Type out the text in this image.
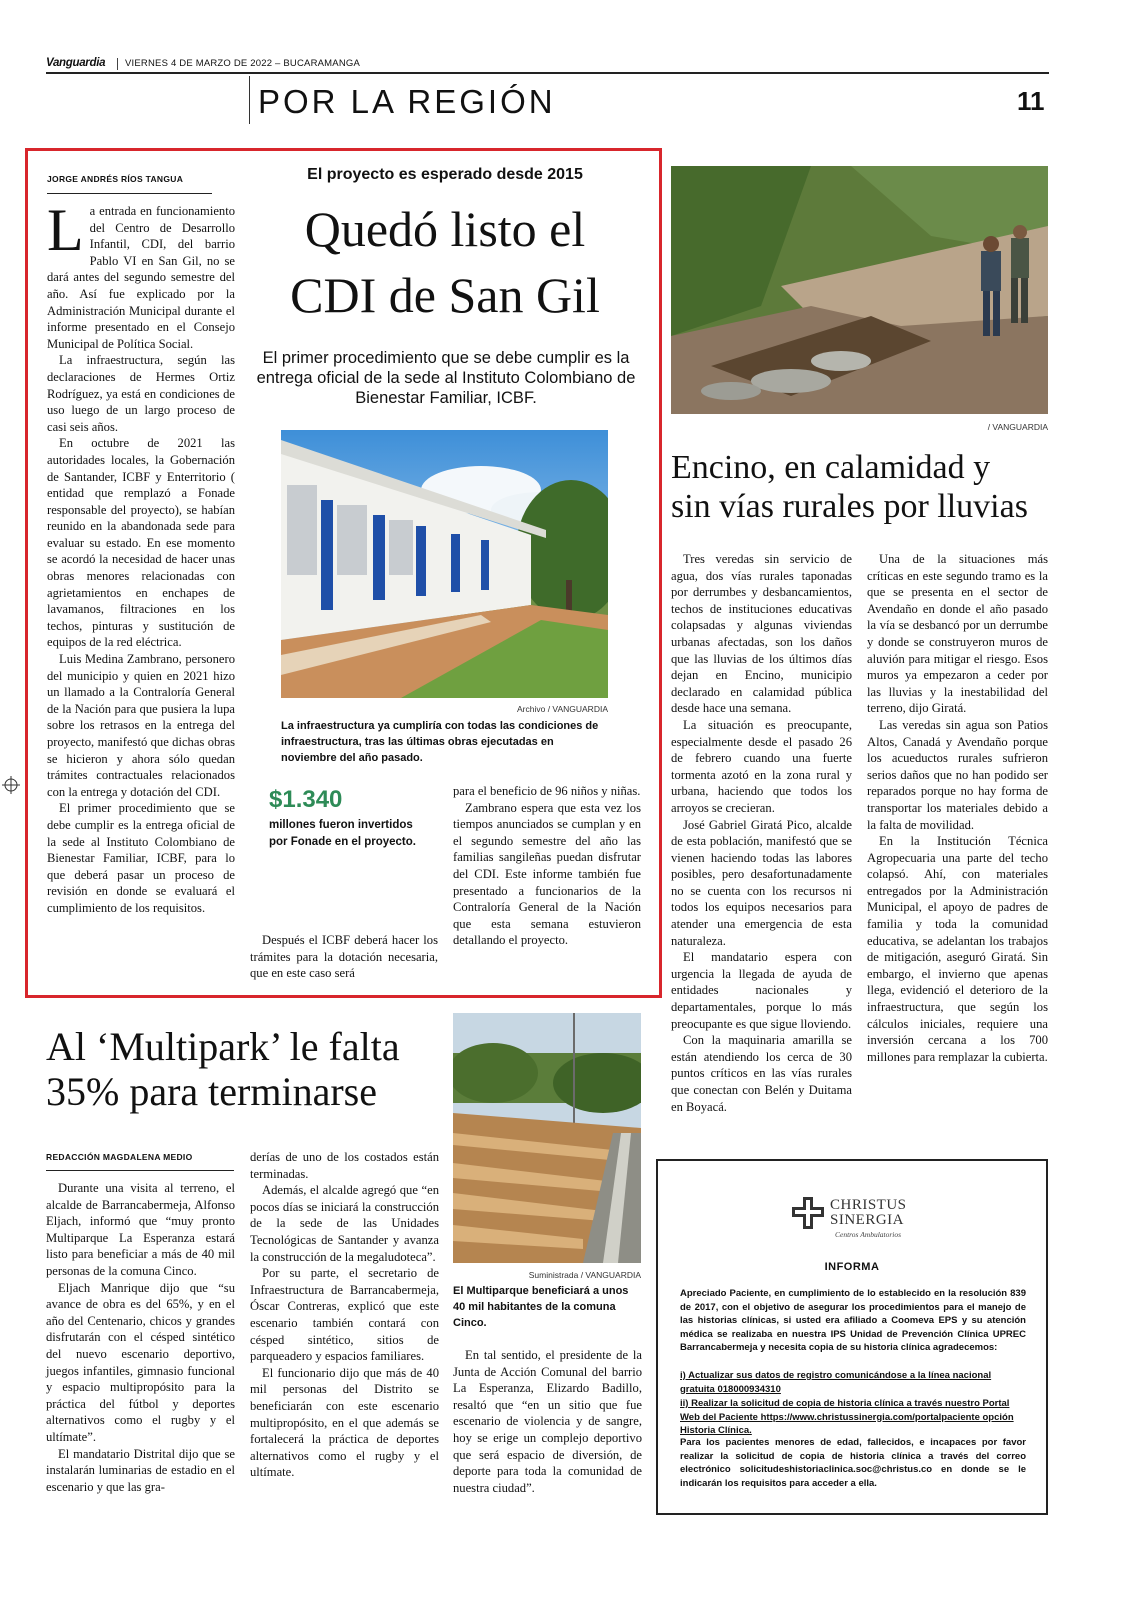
Vanguardia VIERNES 4 DE MARZO DE 2022 – BUCARAMANGA
POR LA REGIÓN	11
JORGE ANDRÉS RÍOS TANGUA

La entrada en funcionamiento del Centro de Desarrollo Infantil, CDI, del barrio Pablo VI en San Gil, no se dará antes del segundo semestre del año. Así fue explicado por la Administración Municipal durante el informe presentado en el Consejo Municipal de Política Social.

La infraestructura, según las declaraciones de Hermes Ortiz Rodríguez, ya está en condiciones de uso luego de un largo proceso de casi seis años.

En octubre de 2021 las autoridades locales, la Gobernación de Santander, ICBF y Enterritorio ( entidad que remplazó a Fonade responsable del proyecto), se habían reunido en la abandonada sede para evaluar su estado. En ese momento se acordó la necesidad de hacer unas obras menores relacionadas con agrietamientos en enchapes de lavamanos, filtraciones en los techos, pinturas y sustitución de equipos de la red eléctrica.

Luis Medina Zambrano, personero del municipio y quien en 2021 hizo un llamado a la Contraloría General de la Nación para que pusiera la lupa sobre los retrasos en la entrega del proyecto, manifestó que dichas obras se hicieron y ahora sólo quedan trámites contractuales relacionados con la entrega y dotación del CDI.

El primer procedimiento que se debe cumplir es la entrega oficial de la sede al Instituto Colombiano de Bienestar Familiar, ICBF, para lo que deberá pasar un proceso de revisión en donde se evaluará el cumplimiento de los requisitos.

El proyecto es esperado desde 2015
Quedó listo el
CDI de San Gil
El primer procedimiento que se debe cumplir es la entrega oficial de la sede al Instituto Colombiano de Bienestar Familiar, ICBF.
Archivo / VANGUARDIA
La infraestructura ya cumpliría con todas las condiciones de infraestructura, tras las últimas obras ejecutadas en noviembre del año pasado.
$1.340
millones fueron invertidos por Fonade en el proyecto.

Después el ICBF deberá hacer los trámites para la dotación necesaria, que en este caso será

para el beneficio de 96 niños y niñas.

Zambrano espera que esta vez los tiempos anunciados se cumplan y en el segundo semestre del año las familias sangileñas puedan disfrutar del CDI. Este informe también fue presentado a funcionarios de la Contraloría General de la Nación que esta semana estuvieron detallando el proyecto.

/ VANGUARDIA
Encino, en calamidad y
sin vías rurales por lluvias

Tres veredas sin servicio de agua, dos vías rurales taponadas por derrumbes y desbancamientos, techos de instituciones educativas colapsadas y algunas viviendas urbanas afectadas, son los daños que las lluvias de los últimos días dejan en Encino, municipio declarado en calamidad pública desde hace una semana.

La situación es preocupante, especialmente desde el pasado 26 de febrero cuando una fuerte tormenta azotó en la zona rural y urbana, haciendo que todos los arroyos se crecieran.

José Gabriel Giratá Pico, alcalde de esta población, manifestó que se vienen haciendo todas las labores posibles, pero desafortunadamente no se cuenta con los recursos ni todos los equipos necesarios para atender una emergencia de esta naturaleza.

El mandatario espera con urgencia la llegada de ayuda de entidades nacionales y departamentales, porque lo más preocupante es que sigue lloviendo.

Con la maquinaria amarilla se están atendiendo los cerca de 30 puntos críticos en las vías rurales que conectan con Belén y Duitama en Boyacá.

Una de la situaciones más críticas en este segundo tramo es la que se presenta en el sector de Avendaño en donde el año pasado la vía se desbancó por un derrumbe y donde se construyeron muros de aluvión para mitigar el riesgo. Esos muros ya empezaron a ceder por las lluvias y la inestabilidad del terreno, dijo Giratá.

Las veredas sin agua son Patios Altos, Canadá y Avendaño porque los acueductos rurales sufrieron serios daños que no han podido ser reparados porque no hay forma de transportar los materiales debido a la falta de movilidad.

En la Institución Técnica Agropecuaria una parte del techo colapsó. Ahí, con materiales entregados por la Administración Municipal, el apoyo de padres de familia y toda la comunidad educativa, se adelantan los trabajos de mitigación, aseguró Giratá. Sin embargo, el invierno que apenas llega, evidenció el deterioro de la infraestructura, que según los cálculos iniciales, requiere una inversión cercana a los 700 millones para remplazar la cubierta.

Al ‘Multipark’ le falta
35% para terminarse
REDACCIÓN MAGDALENA MEDIO

Durante una visita al terreno, el alcalde de Barrancabermeja, Alfonso Eljach, informó que “muy pronto Multiparque La Esperanza estará listo para beneficiar a más de 40 mil personas de la comuna Cinco.

Eljach Manrique dijo que “su avance de obra es del 65%, y en el año del Centenario, chicos y grandes disfrutarán con el césped sintético del nuevo escenario deportivo, juegos infantiles, gimnasio funcional y espacio multipropósito para la práctica del fútbol y deportes alternativos como el rugby y el ultímate”.

El mandatario Distrital dijo que se instalarán luminarias de estadio en el escenario y que las gra-

derías de uno de los costados están terminadas.

Además, el alcalde agregó que “en pocos días se iniciará la construcción de la sede de las Unidades Tecnológicas de Santander y avanza la construcción de la megaludoteca”.

Por su parte, el secretario de Infraestructura de Barrancabermeja, Óscar Contreras, explicó que este escenario también contará con césped sintético, sitios de parqueadero y espacios familiares.

El funcionario dijo que más de 40 mil personas del Distrito se beneficiarán con este escenario multipropósito, en el que además se fortalecerá la práctica de deportes alternativos como el rugby y el ultímate.

Suministrada / VANGUARDIA
El Multiparque beneficiará a unos 40 mil habitantes de la comuna Cinco.

En tal sentido, el presidente de la Junta de Acción Comunal del barrio La Esperanza, Elizardo Badillo, resaltó que “en un sitio que fue escenario de violencia y de sangre, hoy se erige un complejo deportivo que será espacio de diversión, de deporte para toda la comunidad de nuestra ciudad”.

CHRISTUS
SINERGIA
Centros Ambulatorios
INFORMA
Apreciado Paciente, en cumplimiento de lo establecido en la resolución 839 de 2017, con el objetivo de asegurar los procedimientos para el manejo de las historias clínicas, si usted era afiliado a Coomeva EPS y su atención médica se realizaba en nuestra IPS Unidad de Prevención Clínica UPREC Barrancabermeja y necesita copia de su historia clínica agradecemos:
i) Actualizar sus datos de registro comunicándose a la línea nacional gratuita 018000934310
ii) Realizar la solicitud de copia de historia clínica a través nuestro Portal Web del Paciente https://www.christussinergia.com/portalpaciente opción Historia Clínica.
Para los pacientes menores de edad, fallecidos, e incapaces por favor realizar la solicitud de copia de historia clínica a través del correo electrónico solicitudeshistoriaclinica.soc@christus.co en donde se le indicarán los requisitos para acceder a ella.
